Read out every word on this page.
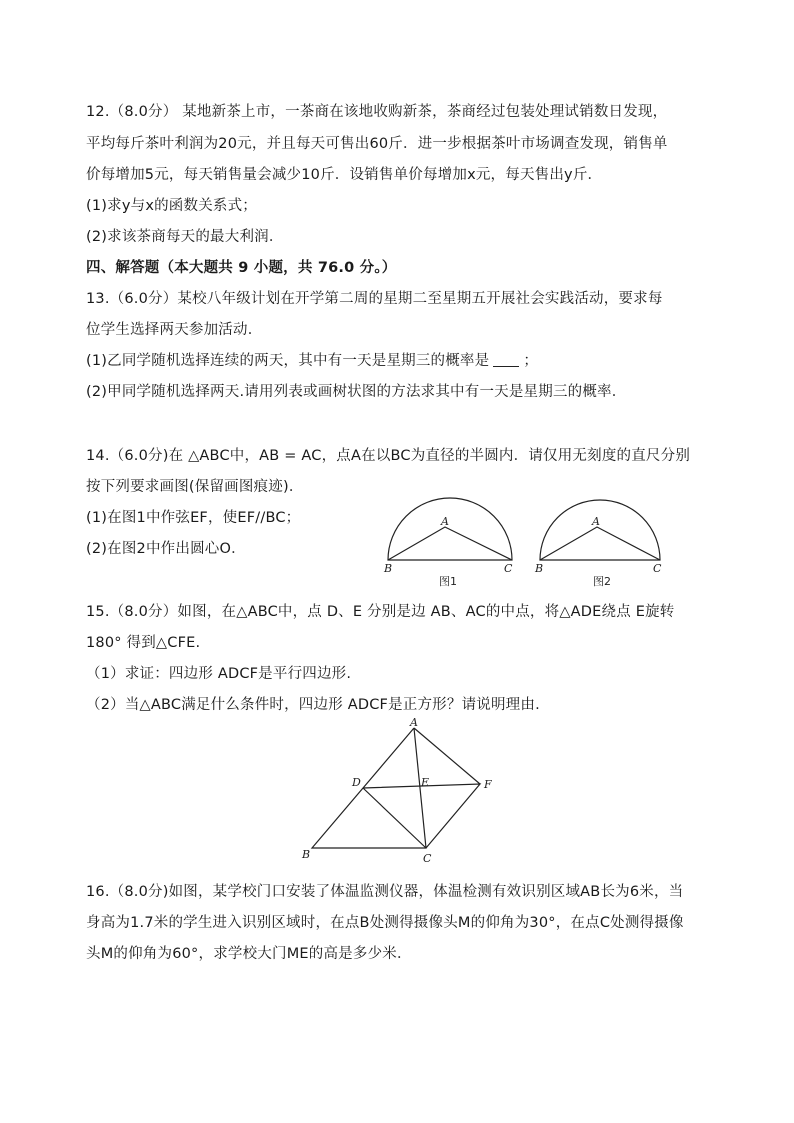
12.（8.0分） 某地新茶上市，一茶商在该地收购新茶，茶商经过包装处理试销数日发现，
平均每斤茶叶利润为20元，并且每天可售出60斤．进一步根据茶叶市场调查发现，销售单
价每增加5元，每天销售量会减少10斤．设销售单价每增加x元，每天售出y斤．
(1)求y与x的函数关系式；
(2)求该茶商每天的最大利润．
四、解答题（本大题共 9 小题，共 76.0 分。）
13.（6.0分）某校八年级计划在开学第二周的星期二至星期五开展社会实践活动，要求每
位学生选择两天参加活动．
(1)乙同学随机选择连续的两天，其中有一天是星期三的概率是 ；
(2)甲同学随机选择两天.请用列表或画树状图的方法求其中有一天是星期三的概率．
14.（6.0分)在 △ABC中，AB = AC，点A在以BC为直径的半圆内．请仅用无刻度的直尺分别
按下列要求画图(保留画图痕迹)．
(1)在图1中作弦EF，使EF//BC；
(2)在图2中作出圆心O．
A
B	C
图1
A
B	C
图2
15.（8.0分）如图，在△ABC中，点 D、E 分别是边 AB、AC的中点，将△ADE绕点 E旋转
180° 得到△CFE.
（1）求证：四边形 ADCF是平行四边形.
（2）当△ABC满足什么条件时，四边形 ADCF是正方形？请说明理由.
A
B	C
D	E	F
16.（8.0分)如图，某学校门口安装了体温监测仪器，体温检测有效识别区域AB长为6米，当
身高为1.7米的学生进入识别区域时，在点B处测得摄像头M的仰角为30°，在点C处测得摄像
头M的仰角为60°，求学校大门ME的高是多少米．
